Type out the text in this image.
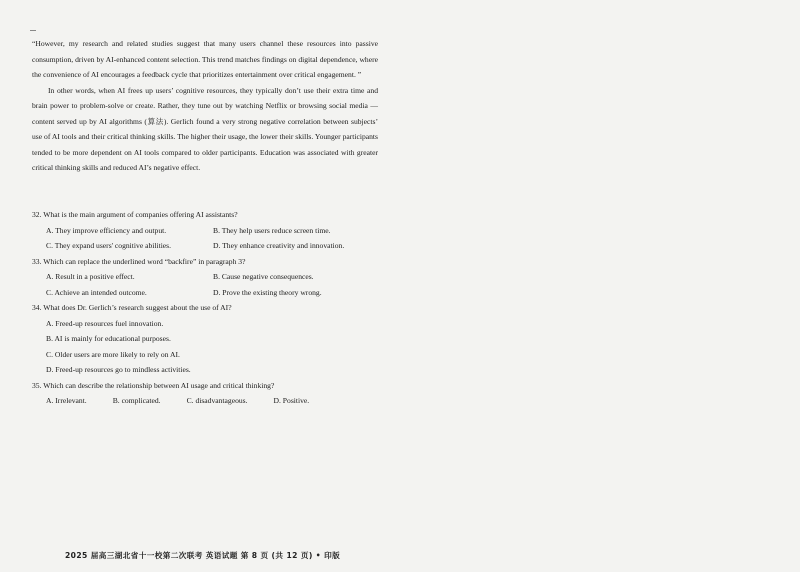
“However, my research and related studies suggest that many users channel these resources into passive consumption, driven by AI-enhanced content selection. This trend matches findings on digital dependence, where the convenience of AI encourages a feedback cycle that prioritizes entertainment over critical engagement. ”

In other words, when AI frees up users’ cognitive resources, they typically don’t use their extra time and brain power to problem-solve or create. Rather, they tune out by watching Netflix or browsing social media — content served up by AI algorithms (算法). Gerlich found a very strong negative correlation between subjects’ use of AI tools and their critical thinking skills. The higher their usage, the lower their skills. Younger participants tended to be more dependent on AI tools compared to older participants. Education was associated with greater critical thinking skills and reduced AI’s negative effect.

32. What is the main argument of companies offering AI assistants?
A. They improve efficiency and output.	B. They help users reduce screen time.
C. They expand users' cognitive abilities.	D. They enhance creativity and innovation.
33. Which can replace the underlined word “backfire” in paragraph 3?
A. Result in a positive effect.	B. Cause negative consequences.
C. Achieve an intended outcome.	D. Prove the existing theory wrong.
34. What does Dr. Gerlich’s research suggest about the use of AI?
A. Freed-up resources fuel innovation.
B. AI is mainly for educational purposes.
C. Older users are more likely to rely on AI.
D. Freed-up resources go to mindless activities.
35. Which can describe the relationship between AI usage and critical thinking?
A. Irrelevant.	B. complicated.	C. disadvantageous.	D. Positive.
2025 届高三湖北省十一校第二次联考 英语试题 第 8 页 (共 12 页) • 印版
